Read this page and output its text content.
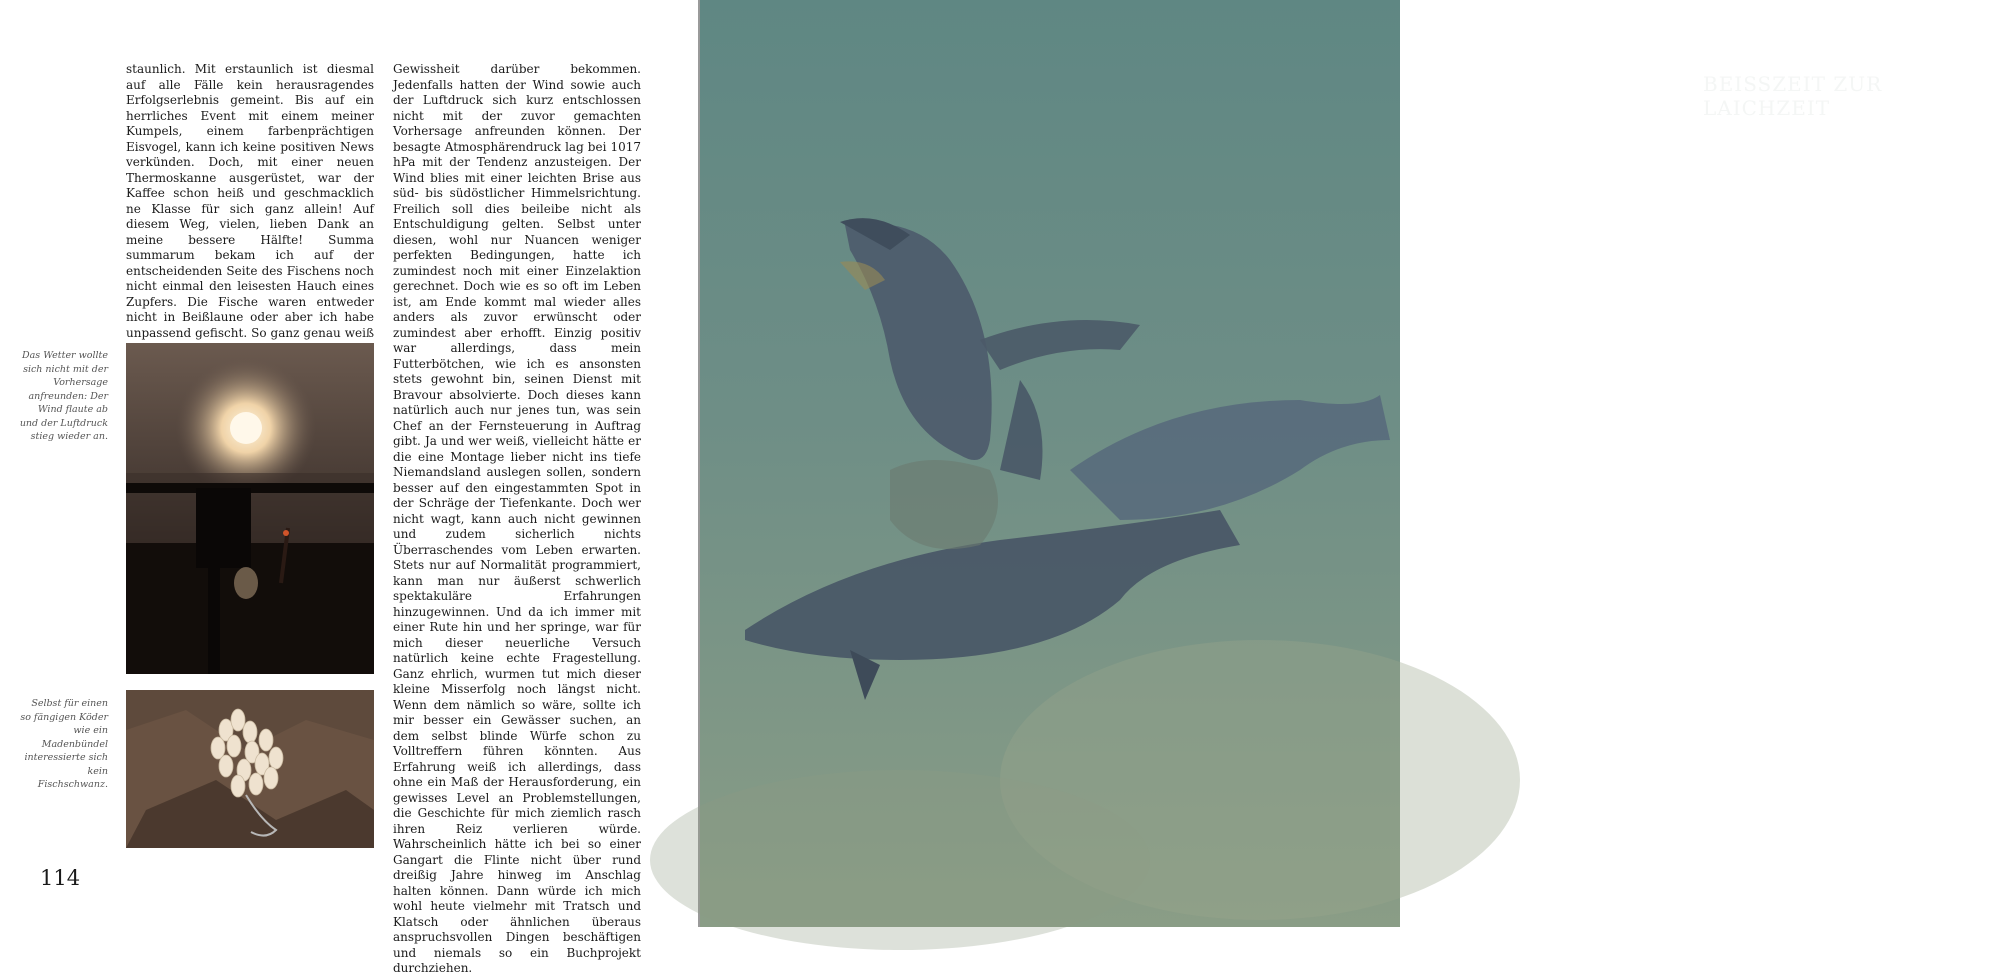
staunlich. Mit erstaunlich ist diesmal auf alle Fälle kein herausragendes Erfolgserlebnis gemeint. Bis auf ein herrliches Event mit einem meiner Kumpels, einem farbenprächtigen Eisvogel, kann ich keine positiven News verkünden. Doch, mit einer neuen Thermoskanne ausgerüstet, war der Kaffee schon heiß und geschmacklich ne Klasse für sich ganz allein! Auf diesem Weg, vielen, lieben Dank an meine bessere Hälfte! Summa summarum bekam ich auf der entscheidenden Seite des Fischens noch nicht einmal den leisesten Hauch eines Zupfers. Die Fische waren entweder nicht in Beißlaune oder aber ich habe unpassend gefischt. So ganz genau weiß

Gewissheit darüber bekommen. Jedenfalls hatten der Wind sowie auch der Luftdruck sich kurz entschlossen nicht mit der zuvor gemachten Vorhersage anfreunden können. Der besagte Atmosphärendruck lag bei 1017 hPa mit der Tendenz anzusteigen. Der Wind blies mit einer leichten Brise aus süd- bis südöstlicher Himmelsrichtung. Freilich soll dies beileibe nicht als Entschuldigung gelten. Selbst unter diesen, wohl nur Nuancen weniger perfekten Bedingungen, hatte ich zumindest noch mit einer Einzelaktion gerechnet. Doch wie es so oft im Leben ist, am Ende kommt mal wieder alles anders als zuvor erwünscht oder zumindest aber erhofft. Einzig positiv war allerdings, dass mein Futterbötchen, wie ich es ansonsten stets gewohnt bin, seinen Dienst mit Bravour absolvierte. Doch dieses kann natürlich auch nur jenes tun, was sein Chef an der Fernsteuerung in Auftrag gibt. Ja und wer weiß, vielleicht hätte er die eine Montage lieber nicht ins tiefe Niemandsland auslegen sollen, sondern besser auf den eingestammten Spot in der Schräge der Tiefenkante. Doch wer nicht wagt, kann auch nicht gewinnen und zudem sicherlich nichts Überraschendes vom Leben erwarten. Stets nur auf Normalität programmiert, kann man nur äußerst schwerlich spektakuläre Erfahrungen hinzugewinnen. Und da ich immer mit einer Rute hin und her springe, war für mich dieser neuerliche Versuch natürlich keine echte Fragestellung. Ganz ehrlich, wurmen tut mich dieser kleine Misserfolg noch längst nicht. Wenn dem nämlich so wäre, sollte ich mir besser ein Gewässer suchen, an dem selbst blinde Würfe schon zu Volltreffern führen könnten. Aus Erfahrung weiß ich allerdings, dass ohne ein Maß der Herausforderung, ein gewisses Level an Problemstellungen, die Geschichte für mich ziemlich rasch ihren Reiz verlieren würde. Wahrscheinlich hätte ich bei so einer Gangart die Flinte nicht über rund dreißig Jahre hinweg im Anschlag halten können. Dann würde ich mich wohl heute vielmehr mit Tratsch und Klatsch oder ähnlichen überaus anspruchsvollen Dingen beschäftigen und niemals so ein Buchprojekt durchziehen.

Das Wetter wollte sich nicht mit der Vorhersage anfreunden: Der Wind flaute ab und der Luftdruck stieg wieder an.
Selbst für einen so fängigen Köder wie ein Madenbündel interessierte sich kein Fischschwanz.
114
BEISSZEIT ZUR LAICHZEIT
